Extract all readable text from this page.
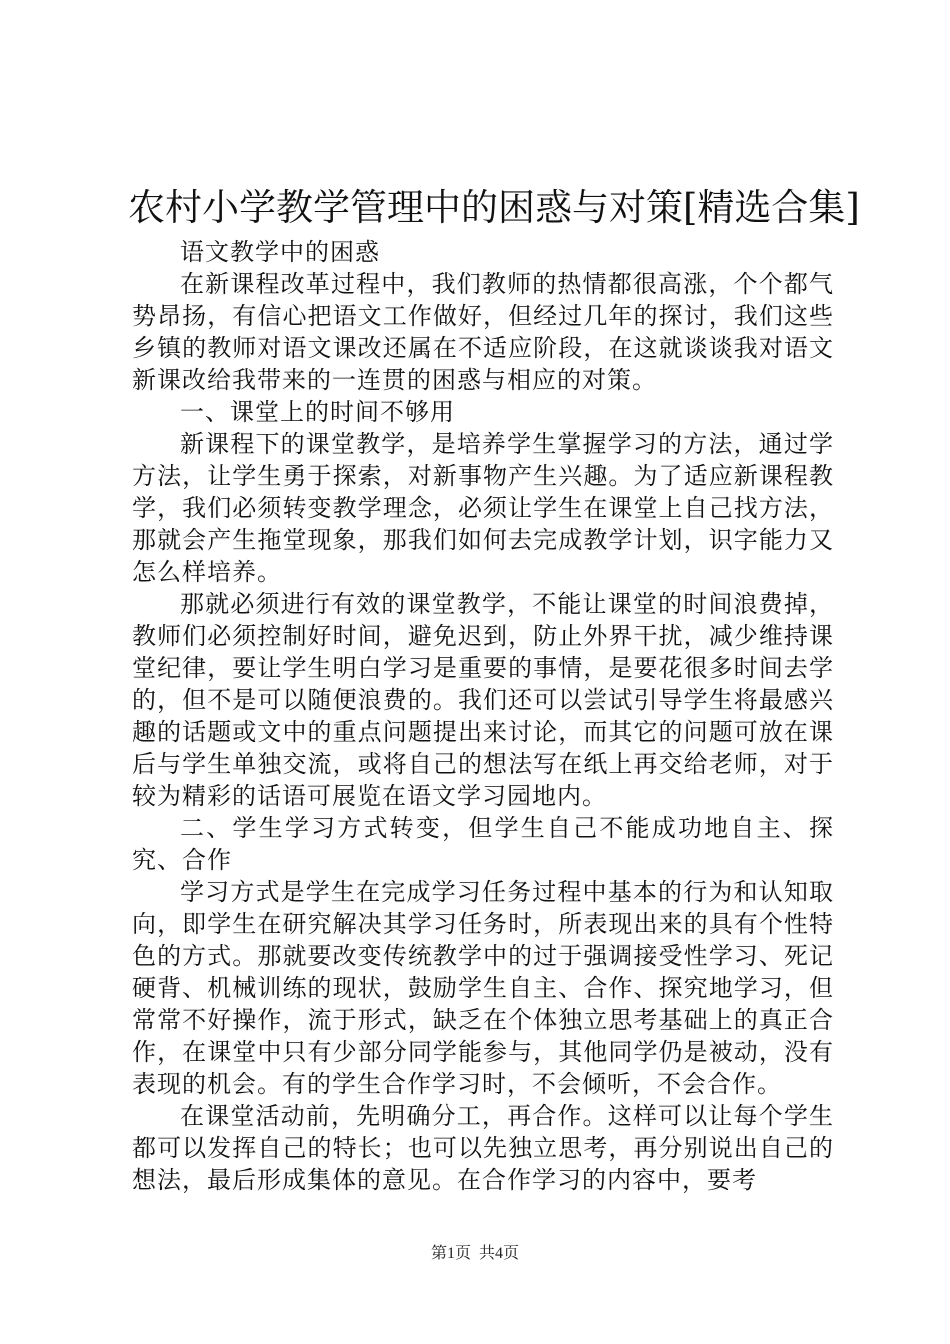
农村小学教学管理中的困惑与对策[精选合集]

语文教学中的困惑

在新课程改革过程中，我们教师的热情都很高涨，个个都气势昂扬，有信心把语文工作做好，但经过几年的探讨，我们这些乡镇的教师对语文课改还属在不适应阶段，在这就谈谈我对语文新课改给我带来的一连贯的困惑与相应的对策。

一、课堂上的时间不够用

新课程下的课堂教学，是培养学生掌握学习的方法，通过学方法，让学生勇于探索，对新事物产生兴趣。为了适应新课程教学，我们必须转变教学理念，必须让学生在课堂上自己找方法，那就会产生拖堂现象，那我们如何去完成教学计划，识字能力又怎么样培养。

那就必须进行有效的课堂教学，不能让课堂的时间浪费掉，教师们必须控制好时间，避免迟到，防止外界干扰，减少维持课堂纪律，要让学生明白学习是重要的事情，是要花很多时间去学的，但不是可以随便浪费的。我们还可以尝试引导学生将最感兴趣的话题或文中的重点问题提出来讨论，而其它的问题可放在课后与学生单独交流，或将自己的想法写在纸上再交给老师，对于较为精彩的话语可展览在语文学习园地内。

二、学生学习方式转变，但学生自己不能成功地自主、探究、合作

学习方式是学生在完成学习任务过程中基本的行为和认知取向，即学生在研究解决其学习任务时，所表现出来的具有个性特色的方式。那就要改变传统教学中的过于强调接受性学习、死记硬背、机械训练的现状，鼓励学生自主、合作、探究地学习，但常常不好操作，流于形式，缺乏在个体独立思考基础上的真正合作，在课堂中只有少部分同学能参与，其他同学仍是被动，没有表现的机会。有的学生合作学习时，不会倾听，不会合作。

在课堂活动前，先明确分工，再合作。这样可以让每个学生都可以发挥自己的特长；也可以先独立思考，再分别说出自己的想法，最后形成集体的意见。在合作学习的内容中，要考

第1页 共4页
